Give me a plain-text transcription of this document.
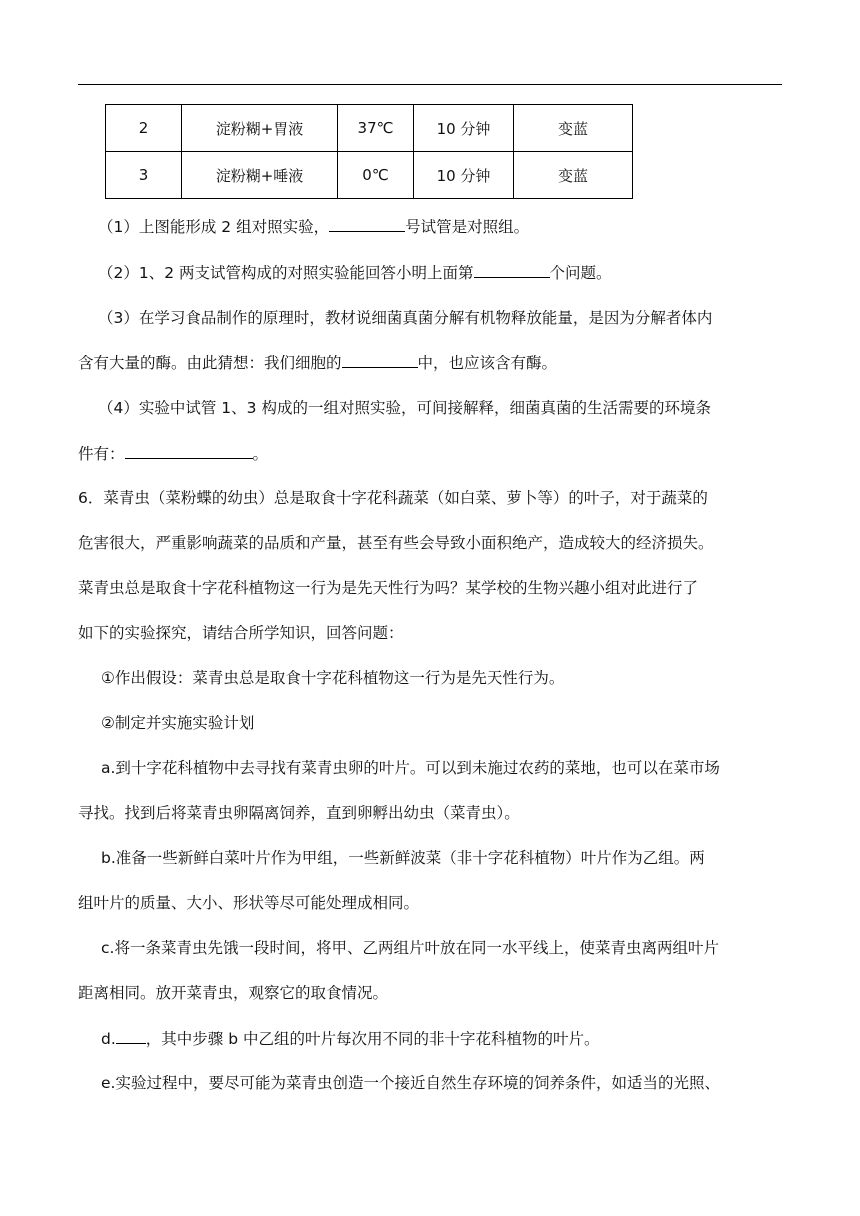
2	淀粉糊+胃液	37℃	10 分钟	变蓝
3	淀粉糊+唾液	0℃	10 分钟	变蓝
（1）上图能形成 2 组对照实验，	号试管是对照组。
（2）1、2 两支试管构成的对照实验能回答小明上面第	个问题。
（3）在学习食品制作的原理时，教材说细菌真菌分解有机物释放能量，是因为分解者体内
含有大量的酶。由此猜想：我们细胞的	中，也应该含有酶。
（4）实验中试管 1、3 构成的一组对照实验，可间接解释，细菌真菌的生活需要的环境条
件有：	。
6．菜青虫（菜粉蝶的幼虫）总是取食十字花科蔬菜（如白菜、萝卜等）的叶子，对于蔬菜的
危害很大，严重影响蔬菜的品质和产量，甚至有些会导致小面积绝产，造成较大的经济损失。
菜青虫总是取食十字花科植物这一行为是先天性行为吗？某学校的生物兴趣小组对此进行了
如下的实验探究，请结合所学知识，回答问题：
①作出假设：菜青虫总是取食十字花科植物这一行为是先天性行为。
②制定并实施实验计划
a.到十字花科植物中去寻找有菜青虫卵的叶片。可以到未施过农药的菜地，也可以在菜市场
寻找。找到后将菜青虫卵隔离饲养，直到卵孵出幼虫（菜青虫）。
b.准备一些新鲜白菜叶片作为甲组，一些新鲜波菜（非十字花科植物）叶片作为乙组。两
组叶片的质量、大小、形状等尽可能处理成相同。
c.将一条菜青虫先饿一段时间，将甲、乙两组片叶放在同一水平线上，使菜青虫离两组叶片
距离相同。放开菜青虫，观察它的取食情况。
d. ，其中步骤 b 中乙组的叶片每次用不同的非十字花科植物的叶片。
e.实验过程中，要尽可能为菜青虫创造一个接近自然生存环境的饲养条件，如适当的光照、
